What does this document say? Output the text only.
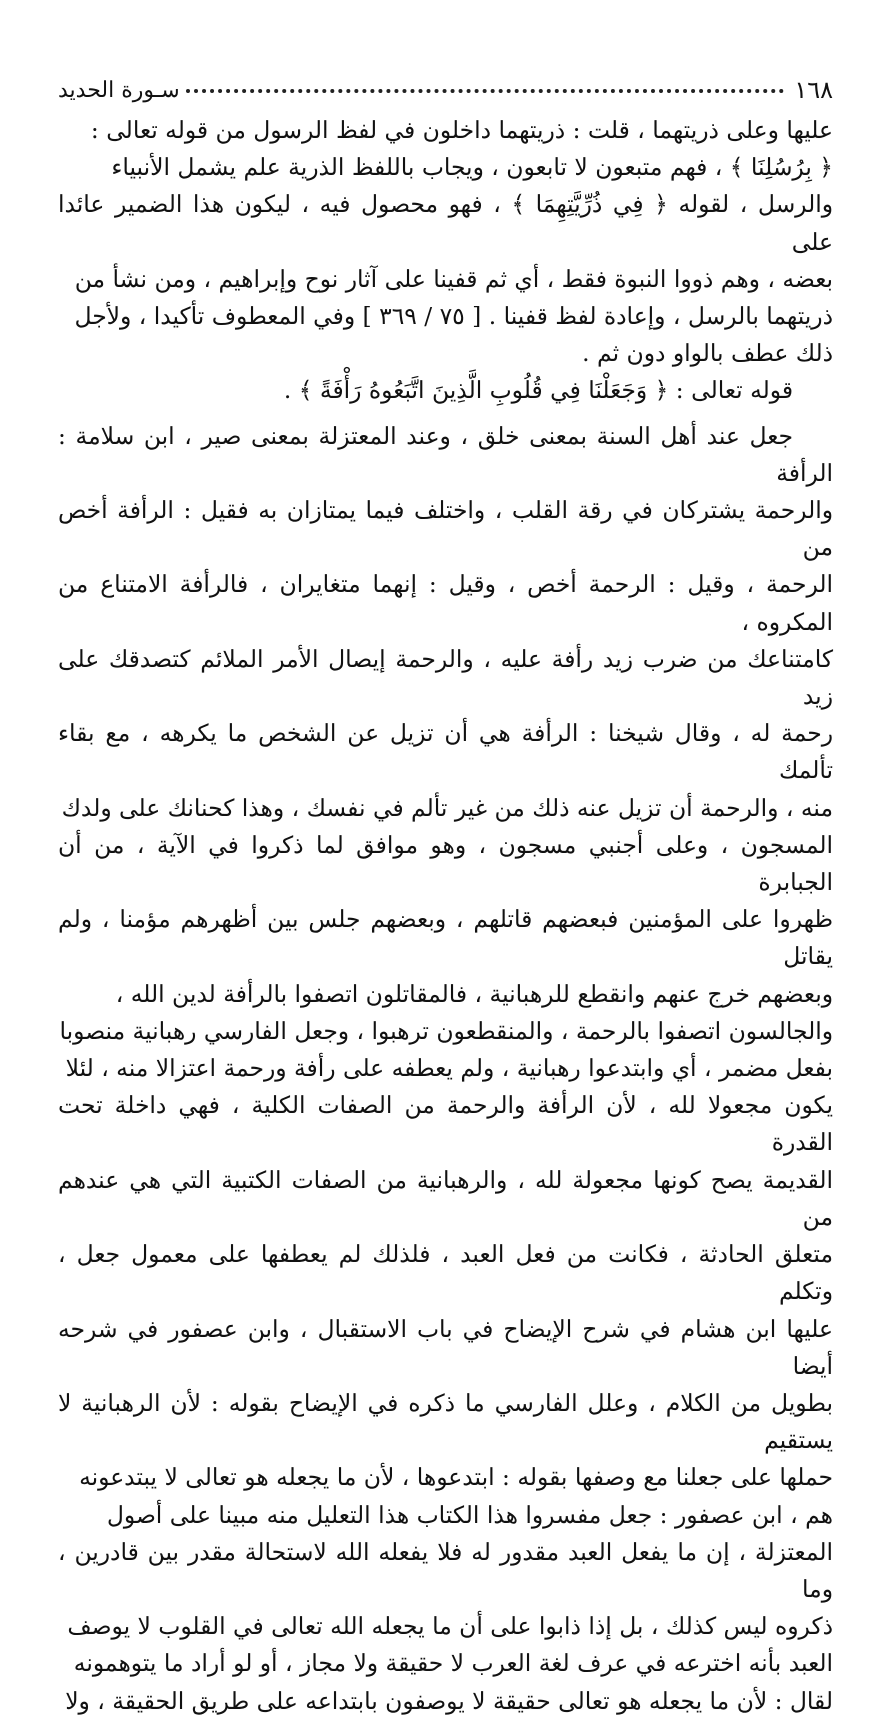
١٦٨
سـورة الحديد

عليها وعلى ذريتهما ، قلت : ذريتهما داخلون في لفظ الرسول من قوله تعالى :

﴿ بِرُسُلِنَا ﴾ ، فهم متبعون لا تابعون ، ويجاب باللفظ الذرية علم يشمل الأنبياء

والرسل ، لقوله ﴿ فِي ذُرِّيَّتِهِمَا ﴾ ، فهو محصول فيه ، ليكون هذا الضمير عائدا على

بعضه ، وهم ذووا النبوة فقط ، أي ثم قفينا على آثار نوح وإبراهيم ، ومن نشأ من

ذريتهما بالرسل ، وإعادة لفظ قفينا . [ ٧٥ / ٣٦٩ ] وفي المعطوف تأكيدا ، ولأجل

ذلك عطف بالواو دون ثم .

قوله تعالى : ﴿ وَجَعَلْنَا فِي قُلُوبِ الَّذِينَ اتَّبَعُوهُ رَأْفَةً ﴾ .

جعل عند أهل السنة بمعنى خلق ، وعند المعتزلة بمعنى صير ، ابن سلامة : الرأفة

والرحمة يشتركان في رقة القلب ، واختلف فيما يمتازان به فقيل : الرأفة أخص من

الرحمة ، وقيل : الرحمة أخص ، وقيل : إنهما متغايران ، فالرأفة الامتناع من المكروه ،

كامتناعك من ضرب زيد رأفة عليه ، والرحمة إيصال الأمر الملائم كتصدقك على زيد

رحمة له ، وقال شيخنا : الرأفة هي أن تزيل عن الشخص ما يكرهه ، مع بقاء تألمك

منه ، والرحمة أن تزيل عنه ذلك من غير تألم في نفسك ، وهذا كحنانك على ولدك

المسجون ، وعلى أجنبي مسجون ، وهو موافق لما ذكروا في الآية ، من أن الجبابرة

ظهروا على المؤمنين فبعضهم قاتلهم ، وبعضهم جلس بين أظهرهم مؤمنا ، ولم يقاتل

وبعضهم خرج عنهم وانقطع للرهبانية ، فالمقاتلون اتصفوا بالرأفة لدين الله ،

والجالسون اتصفوا بالرحمة ، والمنقطعون ترهبوا ، وجعل الفارسي رهبانية منصوبا

بفعل مضمر ، أي وابتدعوا رهبانية ، ولم يعطفه على رأفة ورحمة اعتزالا منه ، لئلا

يكون مجعولا لله ، لأن الرأفة والرحمة من الصفات الكلية ، فهي داخلة تحت القدرة

القديمة يصح كونها مجعولة لله ، والرهبانية من الصفات الكتبية التي هي عندهم من

متعلق الحادثة ، فكانت من فعل العبد ، فلذلك لم يعطفها على معمول جعل ، وتكلم

عليها ابن هشام في شرح الإيضاح في باب الاستقبال ، وابن عصفور في شرحه أيضا

بطويل من الكلام ، وعلل الفارسي ما ذكره في الإيضاح بقوله : لأن الرهبانية لا يستقيم

حملها على جعلنا مع وصفها بقوله : ابتدعوها ، لأن ما يجعله هو تعالى لا يبتدعونه

هم ، ابن عصفور : جعل مفسروا هذا الكتاب هذا التعليل منه مبينا على أصول

المعتزلة ، إن ما يفعل العبد مقدور له فلا يفعله الله لاستحالة مقدر بين قادرين ، وما

ذكروه ليس كذلك ، بل إذا ذابوا على أن ما يجعله الله تعالى في القلوب لا يوصف

العبد بأنه اخترعه في عرف لغة العرب لا حقيقة ولا مجاز ، أو لو أراد ما يتوهمونه

لقال : لأن ما يجعله هو تعالى حقيقة لا يوصفون بابتداعه على طريق الحقيقة ، ولا
